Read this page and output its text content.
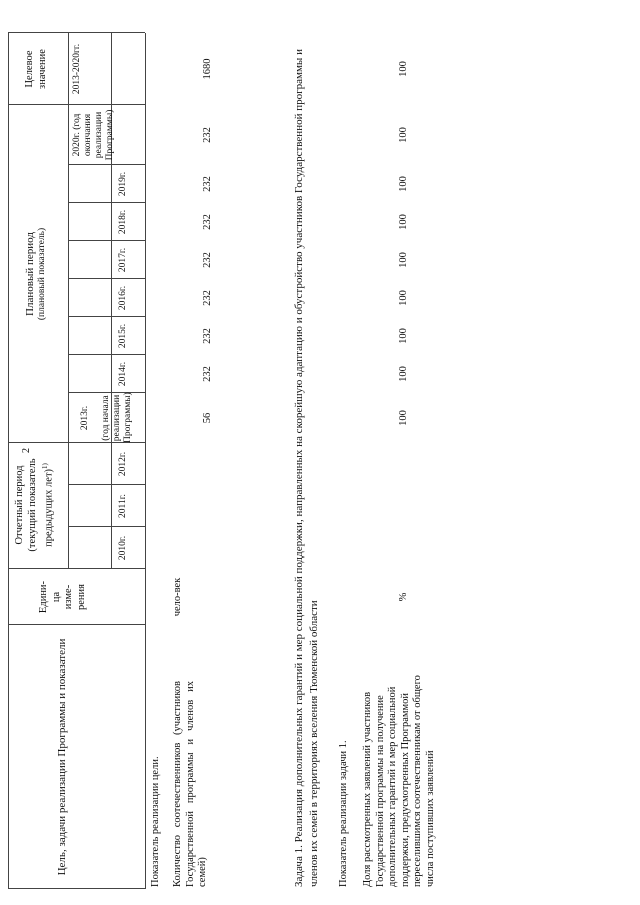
2
Цель, задачи реализации Программы и показатели
Едини- ца изме- рения
Отчетный период (текущий показатель предыдущих лет)$^{1)}$
Плановый период (плановый показатель)
Целевое значение
2010г.
2011г.
2012г.
2013г. (год начала реализации Программы)
2014г.
2015г.
2016г.
2017г.
2018г.
2019г.
2020г. (год окончания реализации Программы)
2013-2020гг.
Показатель реализации цели. Количество соотечественников (участников Государственной программы и членов их семей)
чело-век
56
232
232
232
232
232
232
232
1680	Задача 1. Реализация дополнительных гарантий и мер социальной поддержки, направленных на скорейшую адаптацию и обустройство участников Государственной программы и членов их семей в территориях вселения Тюменской области Показатель реализации задачи 1. Доля рассмотренных заявлений участников Государственной программы на получение дополнительных гарантий и мер социальной поддержки, предусмотренных Программой переселившимся соотечественникам от общего числа поступивших заявлений
%
100
100
100
100
100
100
100
100
100
